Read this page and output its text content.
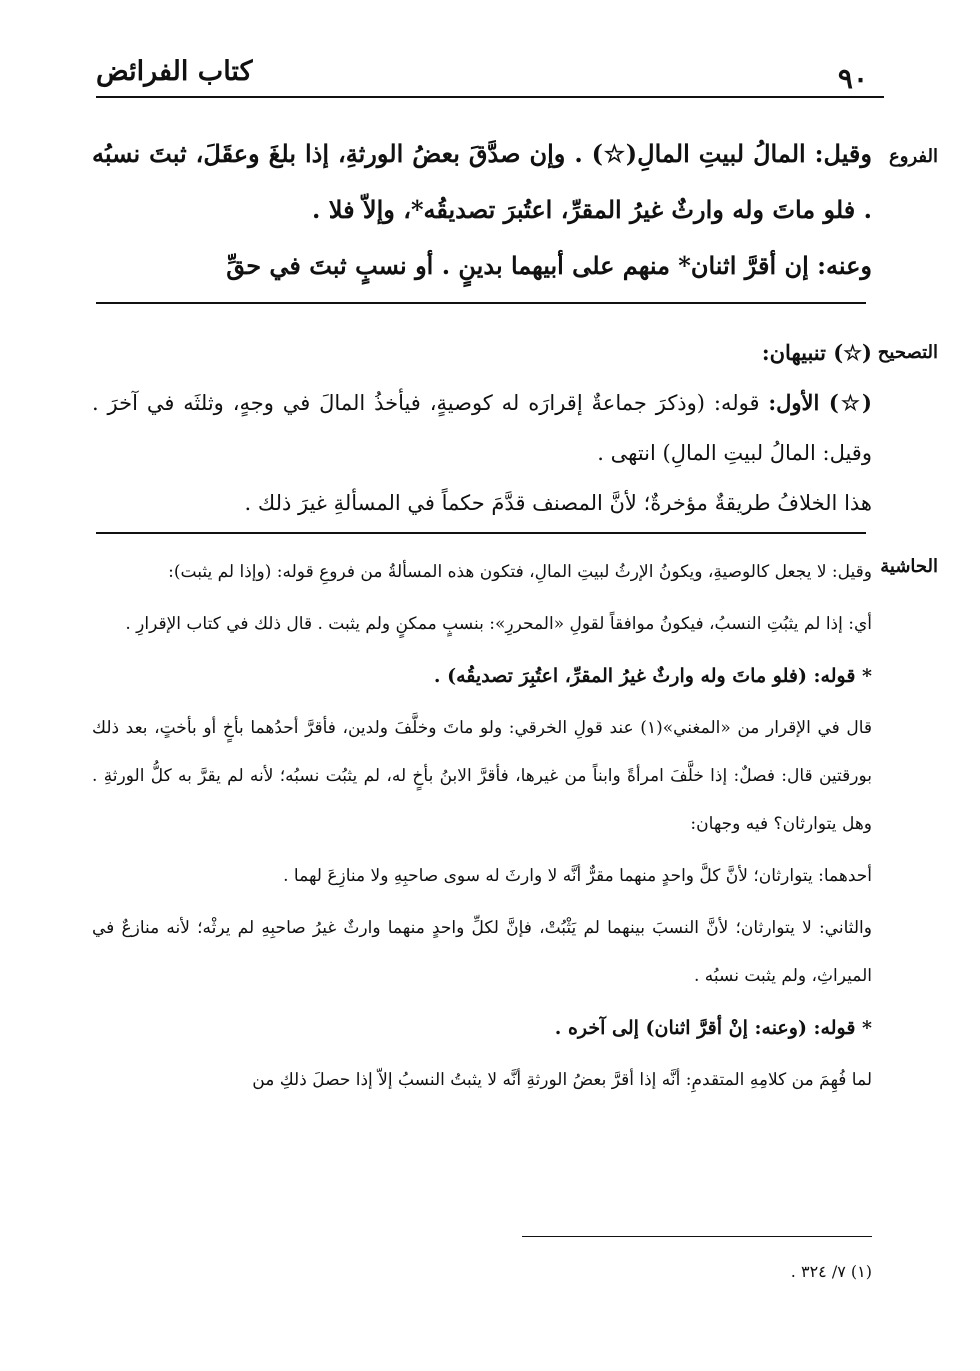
٩٠
كتاب الفرائض
الفروع

وقيل: المالُ لبيتِ المالِ(☆) . وإن صدَّقَ بعضُ الورثةِ، إذا بلغَ وعقَلَ، ثبتَ نسبُه . فلو ماتَ وله وارثٌ غيرُ المقرِّ، اعتُبرَ تصديقُه*، وإلاّ فلا .

وعنه: إن أقرَّ اثنان* منهم على أبيهما بدينٍ . أو نسبٍ ثبتَ في حقِّ

التصحيح

(☆) تنبيهان:

(☆) الأول: قوله: (وذكرَ جماعةٌ إقرارَه له كوصيةٍ، فيأخذُ المالَ في وجهٍ، وثلثَه في آخرَ . وقيل: المالُ لبيتِ المالِ) انتهى .

هذا الخلافُ طريقةٌ مؤخرةٌ؛ لأنَّ المصنف قدَّمَ حكماً في المسألةِ غيرَ ذلك .

الحاشية

وقيل: لا يجعل كالوصيةِ، ويكونُ الإرثُ لبيتِ المالِ، فتكون هذه المسألةُ من فروعِ قوله: (وإذا لم يثبت):

أي: إذا لم يثبُتِ النسبُ، فيكونُ موافقاً لقولِ «المحررِ»: بنسبٍ ممكنٍ ولم يثبت . قال ذلك في كتاب الإقرارِ .

* قوله: (فلو ماتَ وله وارثٌ غيرُ المقرِّ، اعتُبِرَ تصديقُه) .

قال في الإقرار من «المغني»(١) عند قولِ الخرقي: ولو ماتَ وخلَّفَ ولدين، فأقرَّ أحدُهما بأخٍ أو بأختٍ، بعد ذلك بورقتين قال: فصلٌ: إذا خلَّفَ امرأةً وابناً من غيرها، فأقرَّ الابنُ بأخٍ له، لم يثبُت نسبُه؛ لأنه لم يقرَّ به كلُّ الورثةِ . وهل يتوارثان؟ فيه وجهان:

أحدهما: يتوارثان؛ لأنَّ كلَّ واحدٍ منهما مقرٌّ أنَّه لا وارثَ له سوى صاحبِهِ ولا منازِعَ لهما .

والثاني: لا يتوارثان؛ لأنَّ النسبَ بينهما لم يَثْبُتْ، فإنَّ لكلِّ واحدٍ منهما وارثٌ غيرُ صاحبِهِ لم يرثْه؛ لأنه منازعٌ في الميراثِ، ولم يثبت نسبُه .

* قوله: (وعنه: إنْ أقرَّ اثنان) إلى آخره .

لما فُهِمَ من كلامِهِ المتقدمِ: أنَّه إذا أقرَّ بعضُ الورثةِ أنَّه لا يثبتُ النسبُ إلاّ إذا حصلَ ذلكِ من

(١) ٧/ ٣٢٤ .
